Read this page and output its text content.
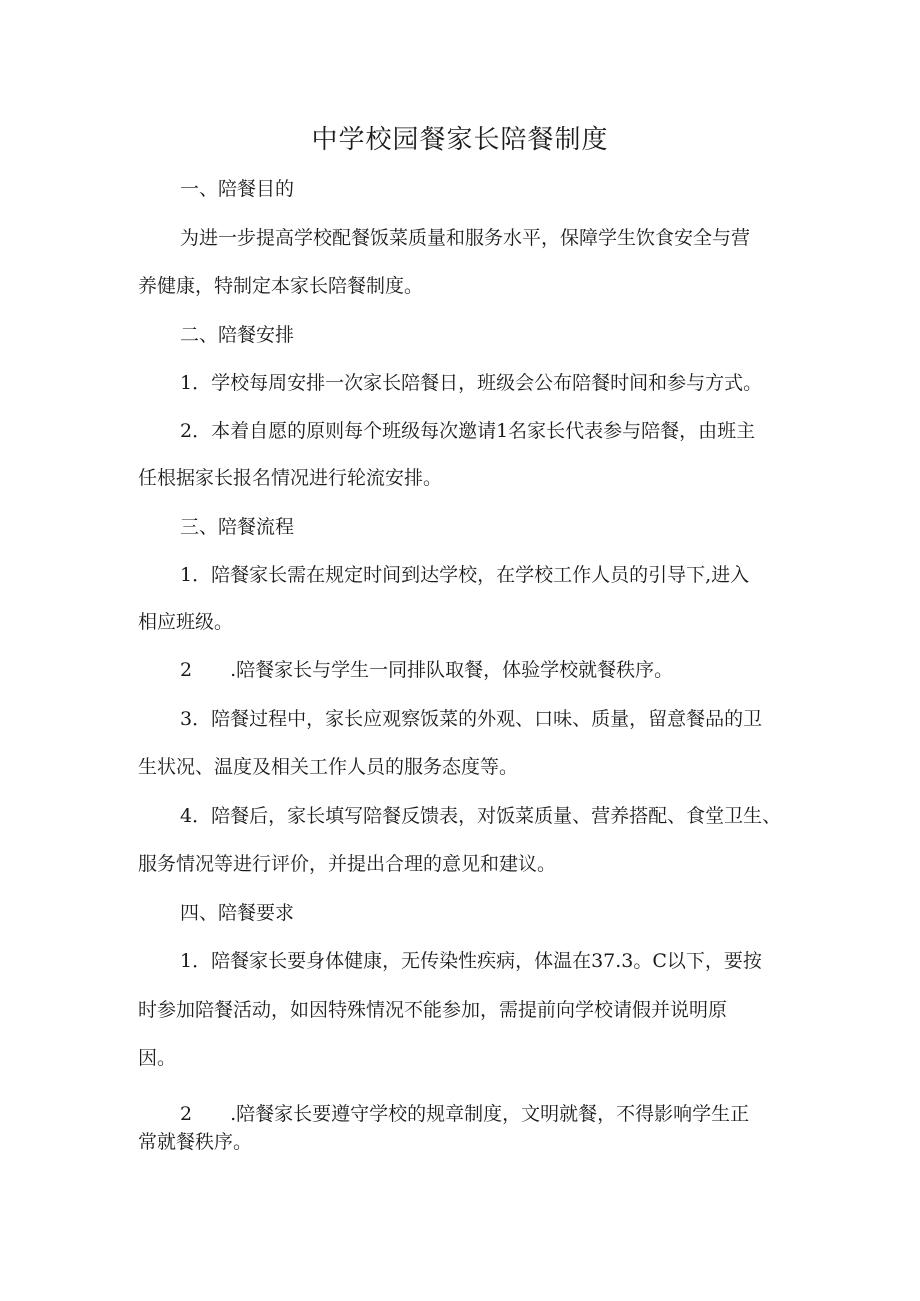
中学校园餐家长陪餐制度
一、陪餐目的
为进一步提高学校配餐饭菜质量和服务水平，保障学生饮食安全与营
养健康，特制定本家长陪餐制度。
二、陪餐安排
1．学校每周安排一次家长陪餐日，班级会公布陪餐时间和参与方式。
2．本着自愿的原则每个班级每次邀请1名家长代表参与陪餐，由班主
任根据家长报名情况进行轮流安排。
三、陪餐流程
1．陪餐家长需在规定时间到达学校，在学校工作人员的引导下,进入
相应班级。
2　　.陪餐家长与学生一同排队取餐，体验学校就餐秩序。
3．陪餐过程中，家长应观察饭菜的外观、口味、质量，留意餐品的卫
生状况、温度及相关工作人员的服务态度等。
4．陪餐后，家长填写陪餐反馈表，对饭菜质量、营养搭配、食堂卫生、
服务情况等进行评价，并提出合理的意见和建议。
四、陪餐要求
1．陪餐家长要身体健康，无传染性疾病，体温在37.3。C以下，要按
时参加陪餐活动，如因特殊情况不能参加，需提前向学校请假并说明原
因。
2　　.陪餐家长要遵守学校的规章制度，文明就餐，不得影响学生正
常就餐秩序。
